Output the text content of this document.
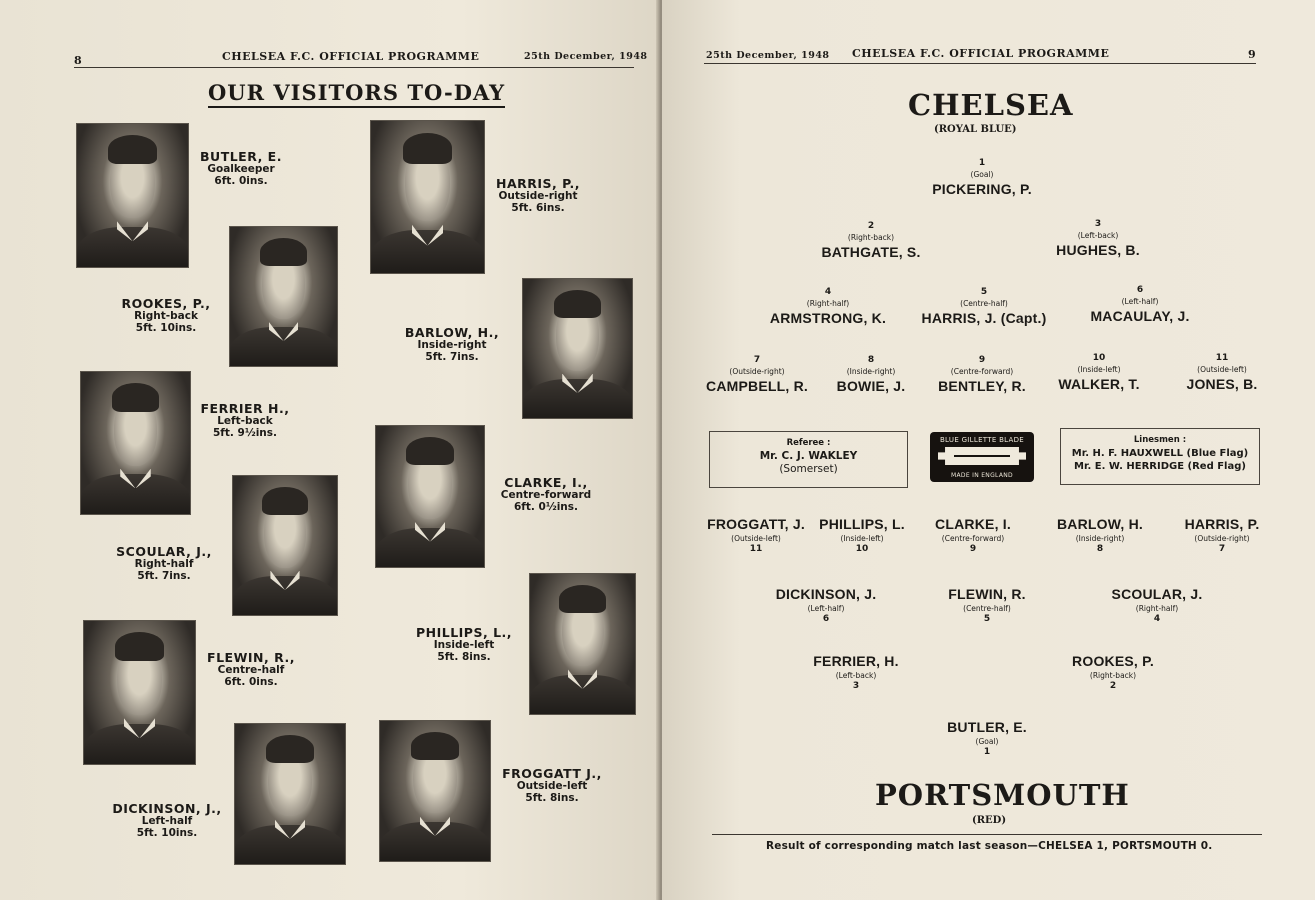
8	CHELSEA F.C. OFFICIAL PROGRAMME	25th December, 1948
OUR VISITORS TO-DAY
BUTLER, E.
Goalkeeper
6ft. 0ins.	HARRIS, P.,
Outside-right
5ft. 6ins.
ROOKES, P.,
Right-back
5ft. 10ins.	BARLOW, H.,
Inside-right
5ft. 7ins.
FERRIER H.,
Left-back
5ft. 9½ins.
CLARKE, I.,
Centre-forward
6ft. 0½ins.
SCOULAR, J.,
Right-half
5ft. 7ins.
PHILLIPS, L.,
Inside-left
5ft. 8ins.
FLEWIN, R.,
Centre-half
6ft. 0ins.
FROGGATT J.,
Outside-left
5ft. 8ins.
DICKINSON, J.,
Left-half
5ft. 10ins.
25th December, 1948 CHELSEA F.C. OFFICIAL PROGRAMME	9
CHELSEA
(ROYAL BLUE)
1
(Goal)
PICKERING, P.
2
(Right-back)
BATHGATE, S.
3
(Left-back)
HUGHES, B.
4
(Right-half)
ARMSTRONG, K.
5
(Centre-half)
HARRIS, J. (Capt.)
6
(Left-half)
MACAULAY, J.
7
(Outside-right)
CAMPBELL, R.
8
(Inside-right)
BOWIE, J.
9
(Centre-forward)
BENTLEY, R.
10
(Inside-left)
WALKER, T.
11
(Outside-left)
JONES, B.
Referee :
Mr. C. J. WAKLEY
(Somerset)
BLUE GILLETTE BLADE
MADE IN ENGLAND
Linesmen :
Mr. H. F. HAUXWELL (Blue Flag)
Mr. E. W. HERRIDGE (Red Flag)
FROGGATT, J.
(Outside-left)
11
PHILLIPS, L.
(Inside-left)
10
CLARKE, I.
(Centre-forward)
9
BARLOW, H.
(Inside-right)
8
HARRIS, P.
(Outside-right)
7
DICKINSON, J.
(Left-half)
6
FLEWIN, R.
(Centre-half)
5
SCOULAR, J.
(Right-half)
4
FERRIER, H.
(Left-back)
3
ROOKES, P.
(Right-back)
2
BUTLER, E.
(Goal)
1
PORTSMOUTH
(RED)
Result of corresponding match last season—CHELSEA 1, PORTSMOUTH 0.
